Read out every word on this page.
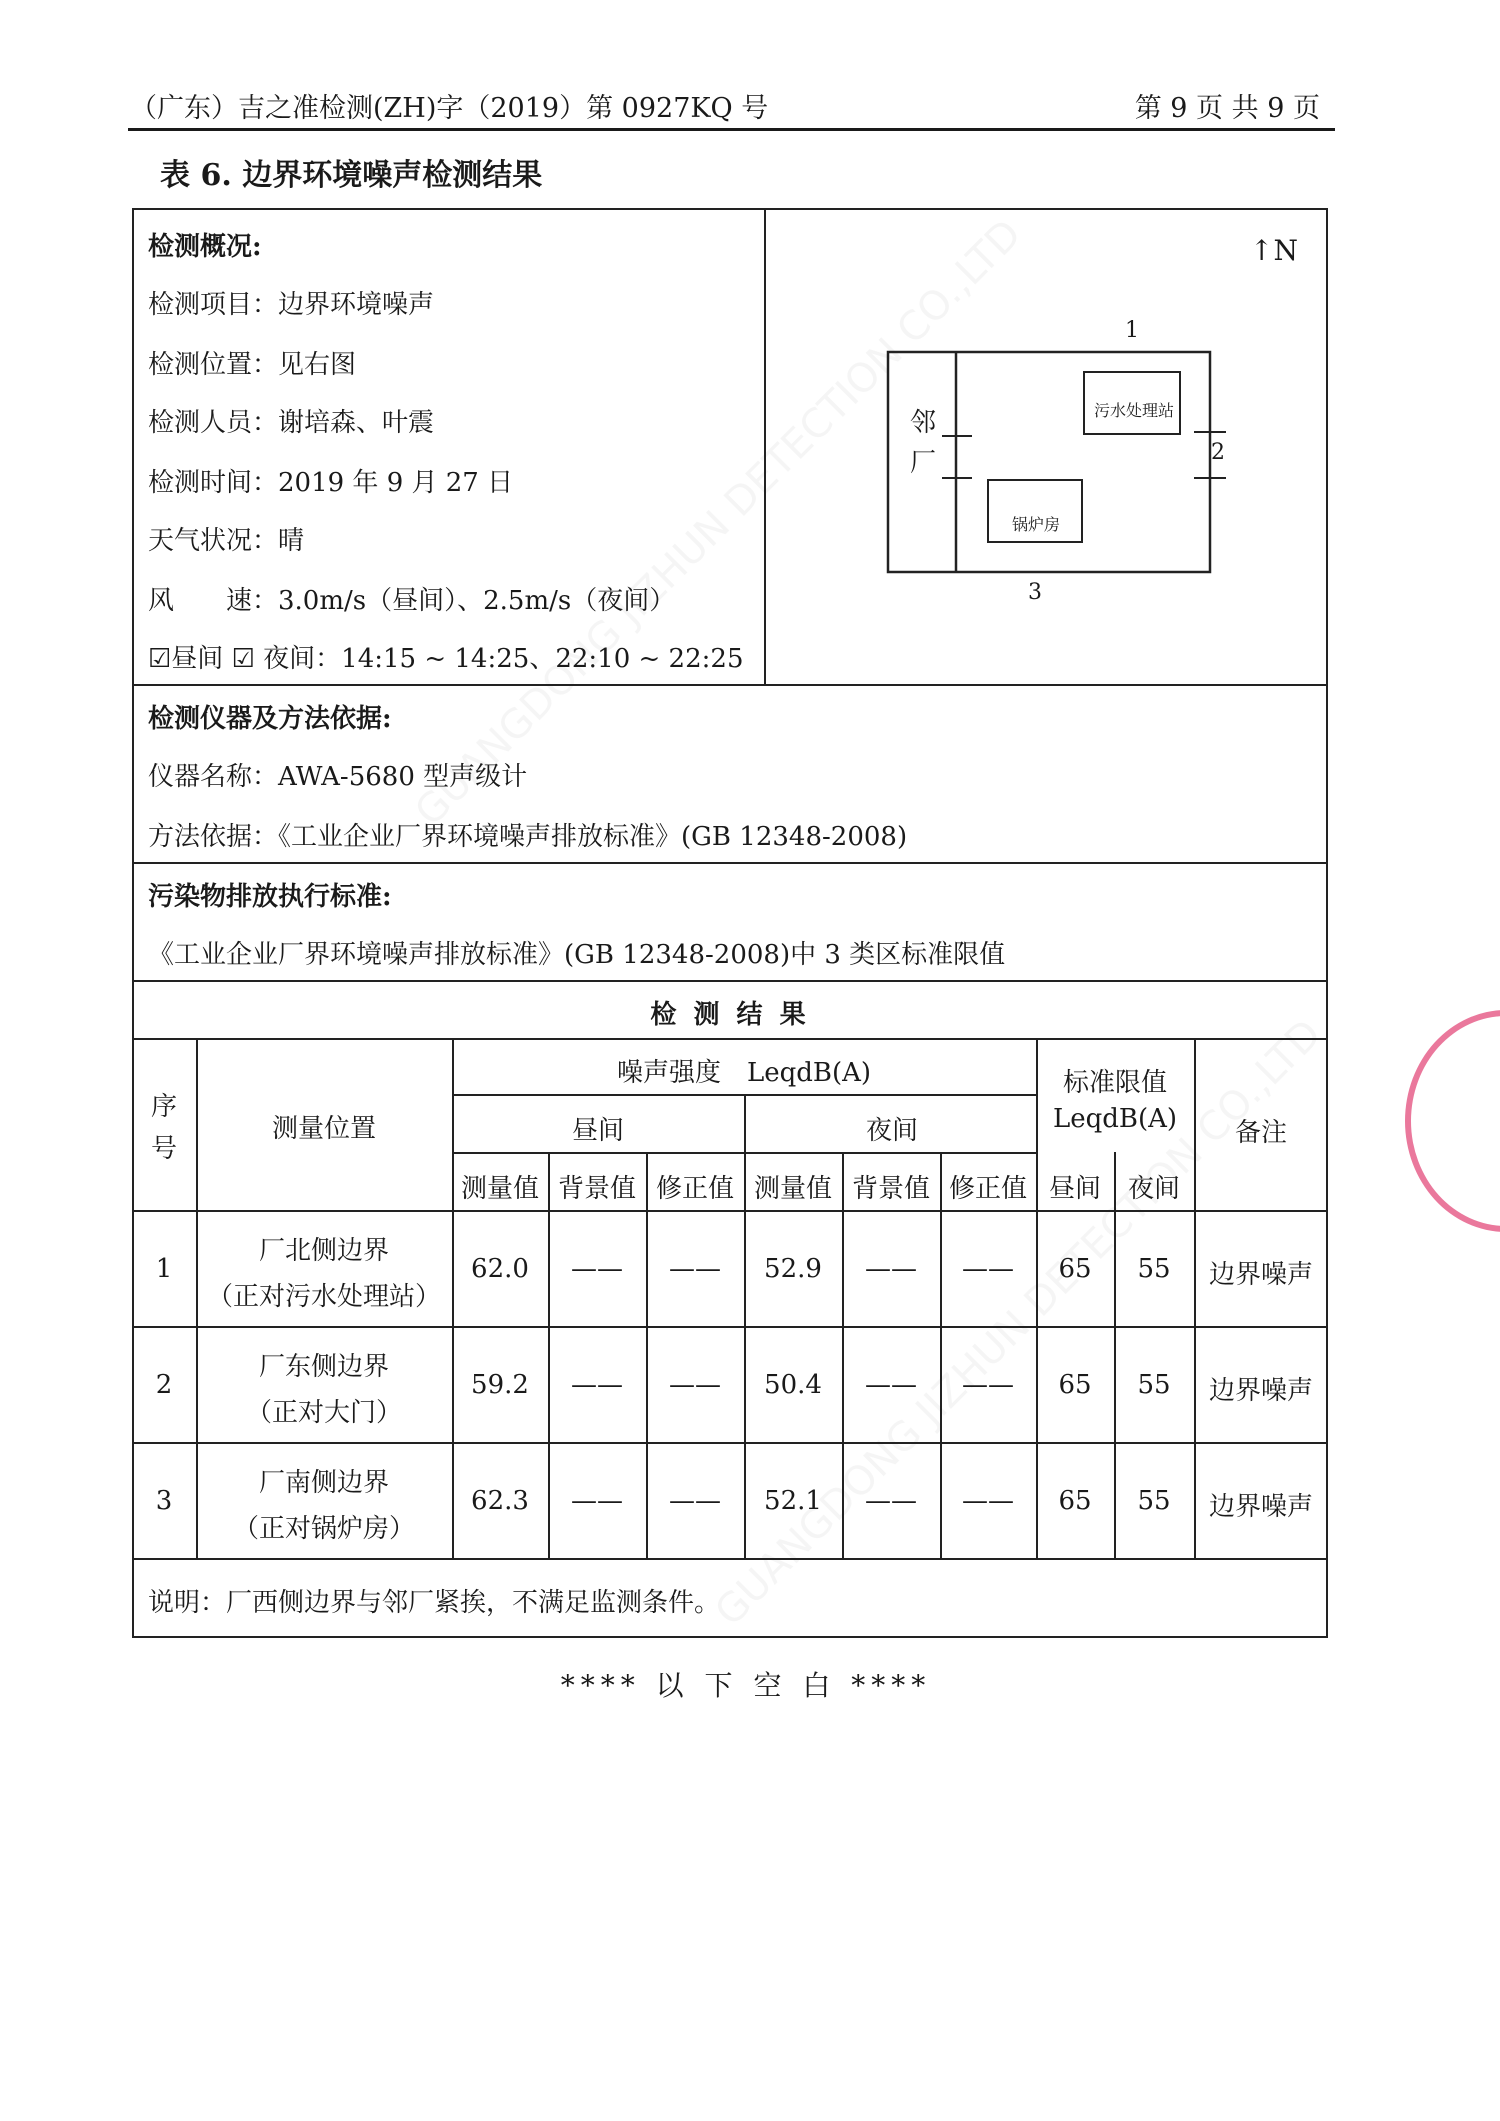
（广东）吉之准检测(ZH)字（2019）第 0927KQ 号	第 9 页 共 9 页
表 6. 边界环境噪声检测结果
检测概况:
检测项目：边界环境噪声
检测位置：见右图
检测人员：谢培森、叶震
检测时间：2019 年 9 月 27 日
天气状况：晴
风　　速：3.0m/s（昼间）、2.5m/s（夜间）
☑昼间 ☑ 夜间：14:15 ~ 14:25、22:10 ~ 22:25
↑N
1
2
3
邻
厂
污水处理站
锅炉房
检测仪器及方法依据:
仪器名称：AWA-5680 型声级计
方法依据：《工业企业厂界环境噪声排放标准》(GB 12348-2008)
污染物排放执行标准:
《工业企业厂界环境噪声排放标准》(GB 12348-2008)中 3 类区标准限值
检 测 结 果
序
号
测量位置
噪声强度　LeqdB(A)
昼间	夜间
标准限值
LeqdB(A) 备注
测量值 背景值 修正值 测量值 背景值 修正值 昼间 夜间
1
厂北侧边界
（正对污水处理站）
62.0 —— —— 52.9 —— —— 65 55 边界噪声
2
厂东侧边界
（正对大门）
59.2 —— —— 50.4 —— —— 65 55 边界噪声
3
厂南侧边界
（正对锅炉房）
62.3 —— —— 52.1 —— —— 65 55 边界噪声
说明：厂西侧边界与邻厂紧挨，不满足监测条件。
**** 以 下 空 白 ****
